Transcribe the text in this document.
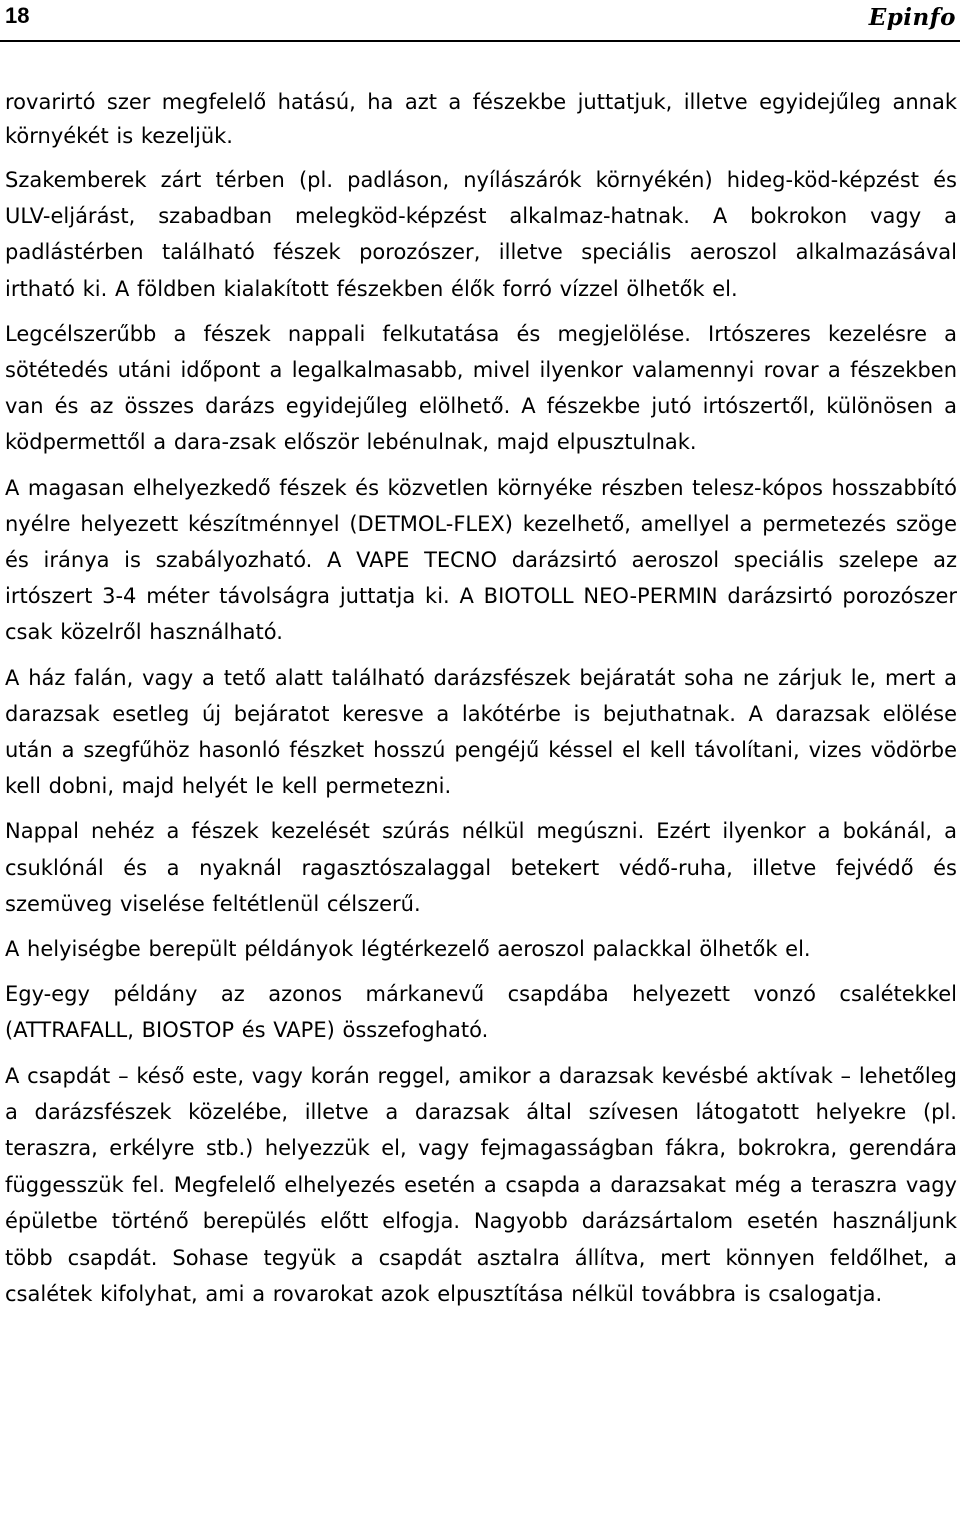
18	Epinfo

rovarirtó szer megfelelő hatású, ha azt a fészekbe juttatjuk, illetve egyidejűleg annak környékét is kezeljük.

Szakemberek zárt térben (pl. padláson, nyílászárók környékén) hideg-köd-képzést és ULV-eljárást, szabadban melegköd-képzést alkalmaz-hatnak. A bokrokon vagy a padlástérben található fészek porozószer, illetve speciális aeroszol alkalmazásával irtható ki. A földben kialakított fészekben élők forró vízzel ölhetők el.

Legcélszerűbb a fészek nappali felkutatása és megjelölése. Irtószeres kezelésre a sötétedés utáni időpont a legalkalmasabb, mivel ilyenkor valamennyi rovar a fészekben van és az összes darázs egyidejűleg elölhető. A fészekbe jutó irtószertől, különösen a ködpermettől a dara-zsak először lebénulnak, majd elpusztulnak.

A magasan elhelyezkedő fészek és közvetlen környéke részben telesz-kópos hosszabbító nyélre helyezett készítménnyel (DETMOL-FLEX) kezelhető, amellyel a permetezés szöge és iránya is szabályozható. A VAPE TECNO darázsirtó aeroszol speciális szelepe az irtószert 3-4 méter távolságra juttatja ki. A BIOTOLL NEO-PERMIN darázsirtó porozószer csak közelről használható.

A ház falán, vagy a tető alatt található darázsfészek bejáratát soha ne zárjuk le, mert a darazsak esetleg új bejáratot keresve a lakótérbe is bejuthatnak. A darazsak elölése után a szegfűhöz hasonló fészket hosszú pengéjű késsel el kell távolítani, vizes vödörbe kell dobni, majd helyét le kell permetezni.

Nappal nehéz a fészek kezelését szúrás nélkül megúszni. Ezért ilyenkor a bokánál, a csuklónál és a nyaknál ragasztószalaggal betekert védő-ruha, illetve fejvédő és szemüveg viselése feltétlenül célszerű.

A helyiségbe berepült példányok légtérkezelő aeroszol palackkal ölhetők el.

Egy-egy példány az azonos márkanevű csapdába helyezett vonzó csalétekkel (ATTRAFALL, BIOSTOP és VAPE) összefogható.

A csapdát – késő este, vagy korán reggel, amikor a darazsak kevésbé aktívak – lehetőleg a darázsfészek közelébe, illetve a darazsak által szívesen látogatott helyekre (pl. teraszra, erkélyre stb.) helyezzük el, vagy fejmagasságban fákra, bokrokra, gerendára függesszük fel. Megfelelő elhelyezés esetén a csapda a darazsakat még a teraszra vagy épületbe történő berepülés előtt elfogja. Nagyobb darázsártalom esetén használjunk több csapdát. Sohase tegyük a csapdát asztalra állítva, mert könnyen feldőlhet, a csalétek kifolyhat, ami a rovarokat azok elpusztítása nélkül továbbra is csalogatja.
